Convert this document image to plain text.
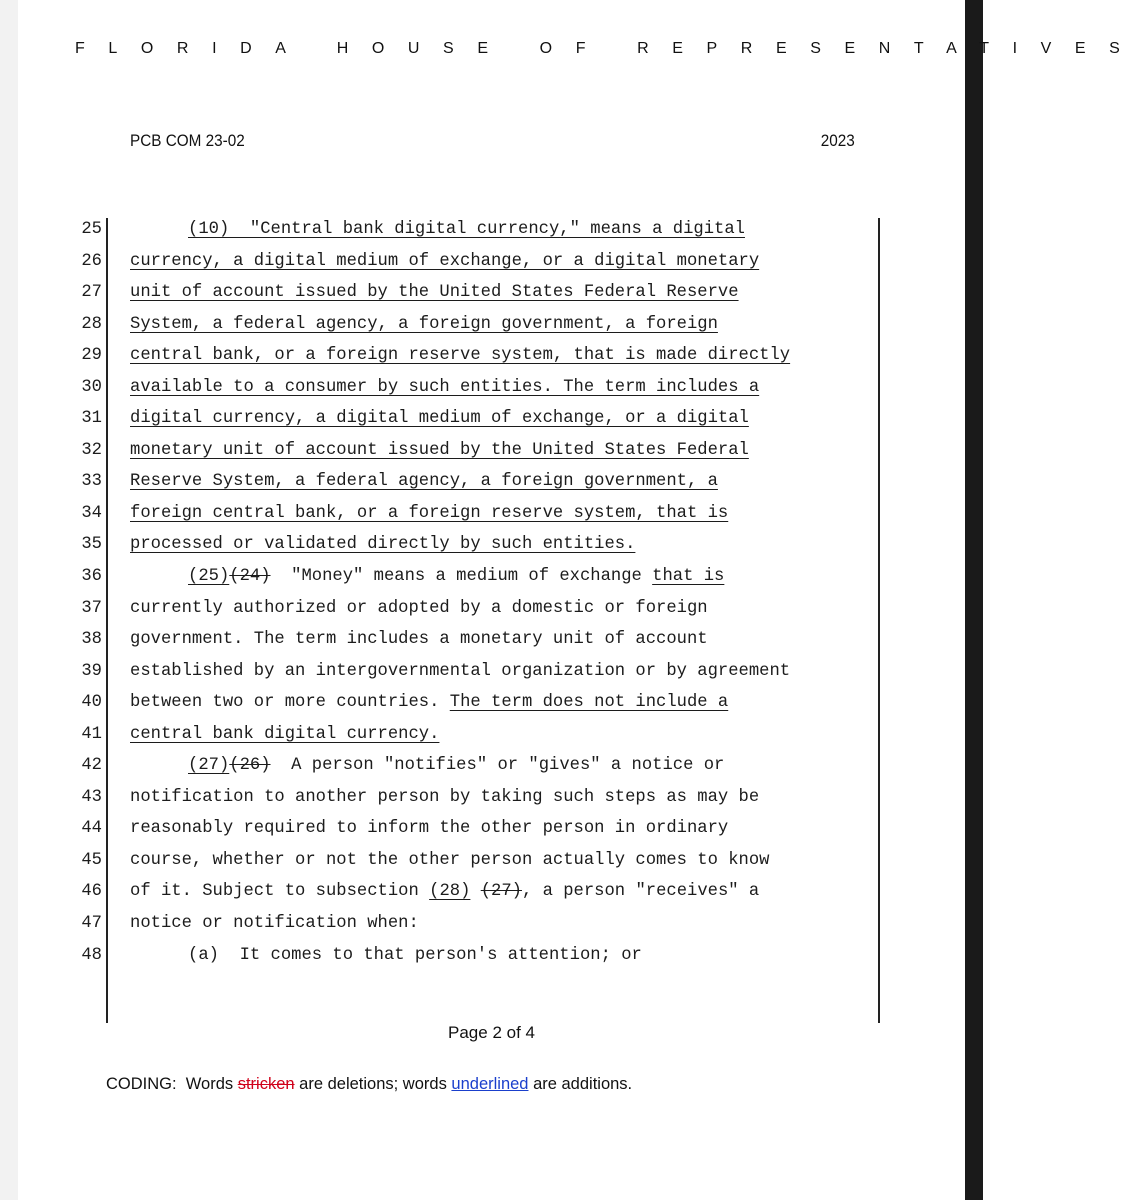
FLORIDA HOUSE OF REPRESENTATIVES
PCB COM 23-02	2023
25	(10)  "Central bank digital currency," means a digital
26 currency, a digital medium of exchange, or a digital monetary
27 unit of account issued by the United States Federal Reserve
28 System, a federal agency, a foreign government, a foreign
29 central bank, or a foreign reserve system, that is made directly
30 available to a consumer by such entities. The term includes a
31 digital currency, a digital medium of exchange, or a digital
32 monetary unit of account issued by the United States Federal
33 Reserve System, a federal agency, a foreign government, a
34 foreign central bank, or a foreign reserve system, that is
35 processed or validated directly by such entities.
36	(25)(24)  "Money" means a medium of exchange that is
37 currently authorized or adopted by a domestic or foreign
38 government. The term includes a monetary unit of account
39 established by an intergovernmental organization or by agreement
40 between two or more countries. The term does not include a
41 central bank digital currency.
42	(27)(26)  A person "notifies" or "gives" a notice or
43 notification to another person by taking such steps as may be
44 reasonably required to inform the other person in ordinary
45 course, whether or not the other person actually comes to know
46 of it. Subject to subsection (28) (27), a person "receives" a
47 notice or notification when:
48	(a)  It comes to that person's attention; or
Page 2 of 4
CODING:  Words stricken are deletions; words underlined are additions.
